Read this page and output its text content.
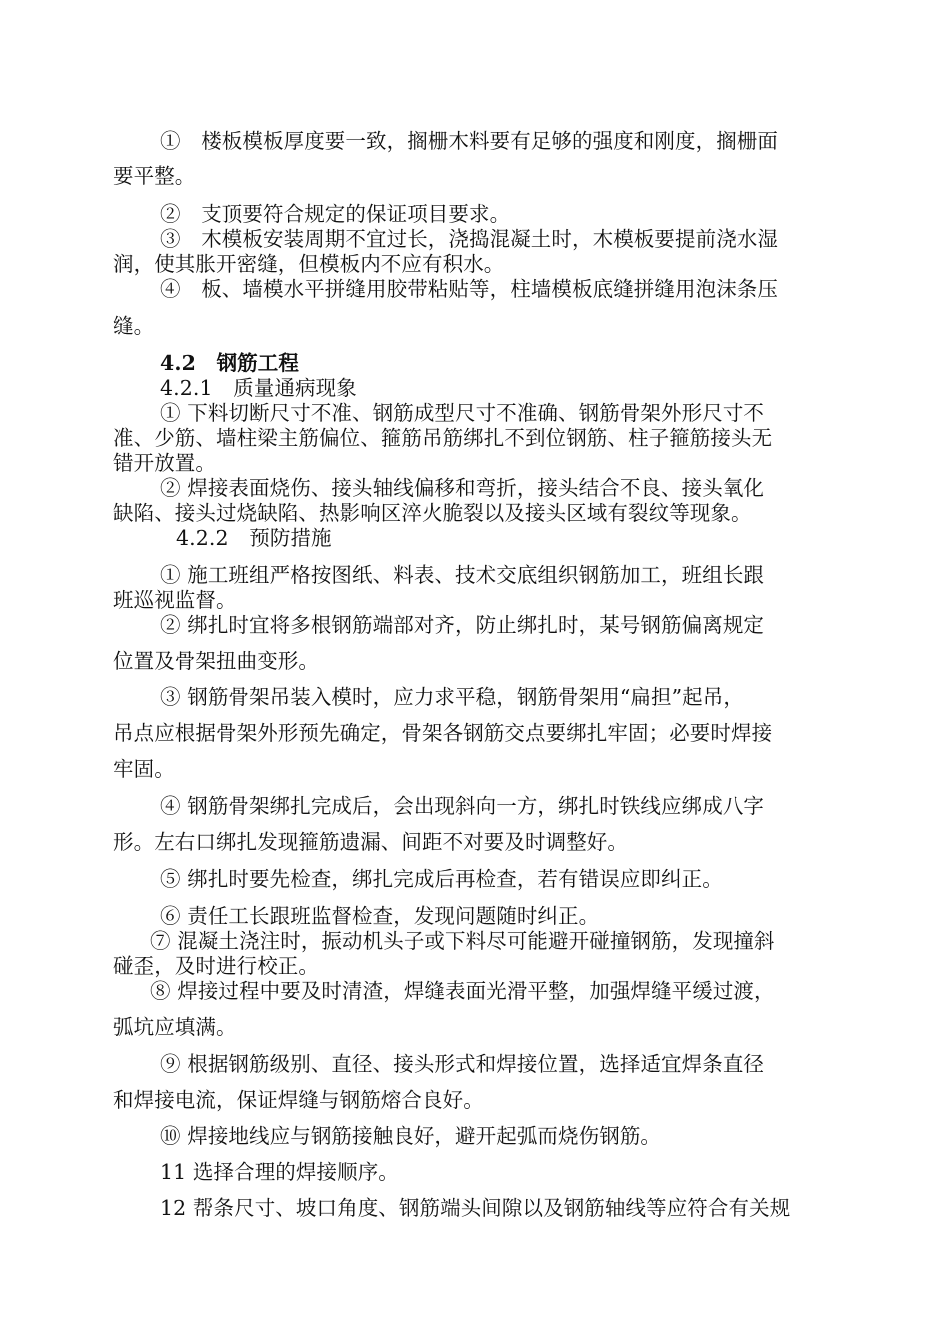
①　楼板模板厚度要一致，搁栅木料要有足够的强度和刚度，搁栅面
要平整。
②　支顶要符合规定的保证项目要求。
③　木模板安装周期不宜过长，浇捣混凝土时，木模板要提前浇水湿
润，使其胀开密缝，但模板内不应有积水。
④　板、墙模水平拼缝用胶带粘贴等，柱墙模板底缝拼缝用泡沫条压
缝。
4.2　钢筋工程
4.2.1　质量通病现象
① 下料切断尺寸不准、钢筋成型尺寸不准确、钢筋骨架外形尺寸不
准、少筋、墙柱梁主筋偏位、箍筋吊筋绑扎不到位钢筋、柱子箍筋接头无
错开放置。
② 焊接表面烧伤、接头轴线偏移和弯折，接头结合不良、接头氧化
缺陷、接头过烧缺陷、热影响区淬火脆裂以及接头区域有裂纹等现象。
4.2.2　预防措施
① 施工班组严格按图纸、料表、技术交底组织钢筋加工，班组长跟
班巡视监督。
② 绑扎时宜将多根钢筋端部对齐，防止绑扎时，某号钢筋偏离规定
位置及骨架扭曲变形。
③ 钢筋骨架吊装入模时，应力求平稳，钢筋骨架用“扁担”起吊，
吊点应根据骨架外形预先确定，骨架各钢筋交点要绑扎牢固；必要时焊接
牢固。
④ 钢筋骨架绑扎完成后，会出现斜向一方，绑扎时铁线应绑成八字
形。左右口绑扎发现箍筋遗漏、间距不对要及时调整好。
⑤ 绑扎时要先检查，绑扎完成后再检查，若有错误应即纠正。
⑥ 责任工长跟班监督检查，发现问题随时纠正。
⑦ 混凝土浇注时，振动机头子或下料尽可能避开碰撞钢筋，发现撞斜
碰歪，及时进行校正。
⑧ 焊接过程中要及时清渣，焊缝表面光滑平整，加强焊缝平缓过渡，
弧坑应填满。
⑨ 根据钢筋级别、直径、接头形式和焊接位置，选择适宜焊条直径
和焊接电流，保证焊缝与钢筋熔合良好。
⑩ 焊接地线应与钢筋接触良好，避开起弧而烧伤钢筋。
11 选择合理的焊接顺序。
12 帮条尺寸、坡口角度、钢筋端头间隙以及钢筋轴线等应符合有关规
